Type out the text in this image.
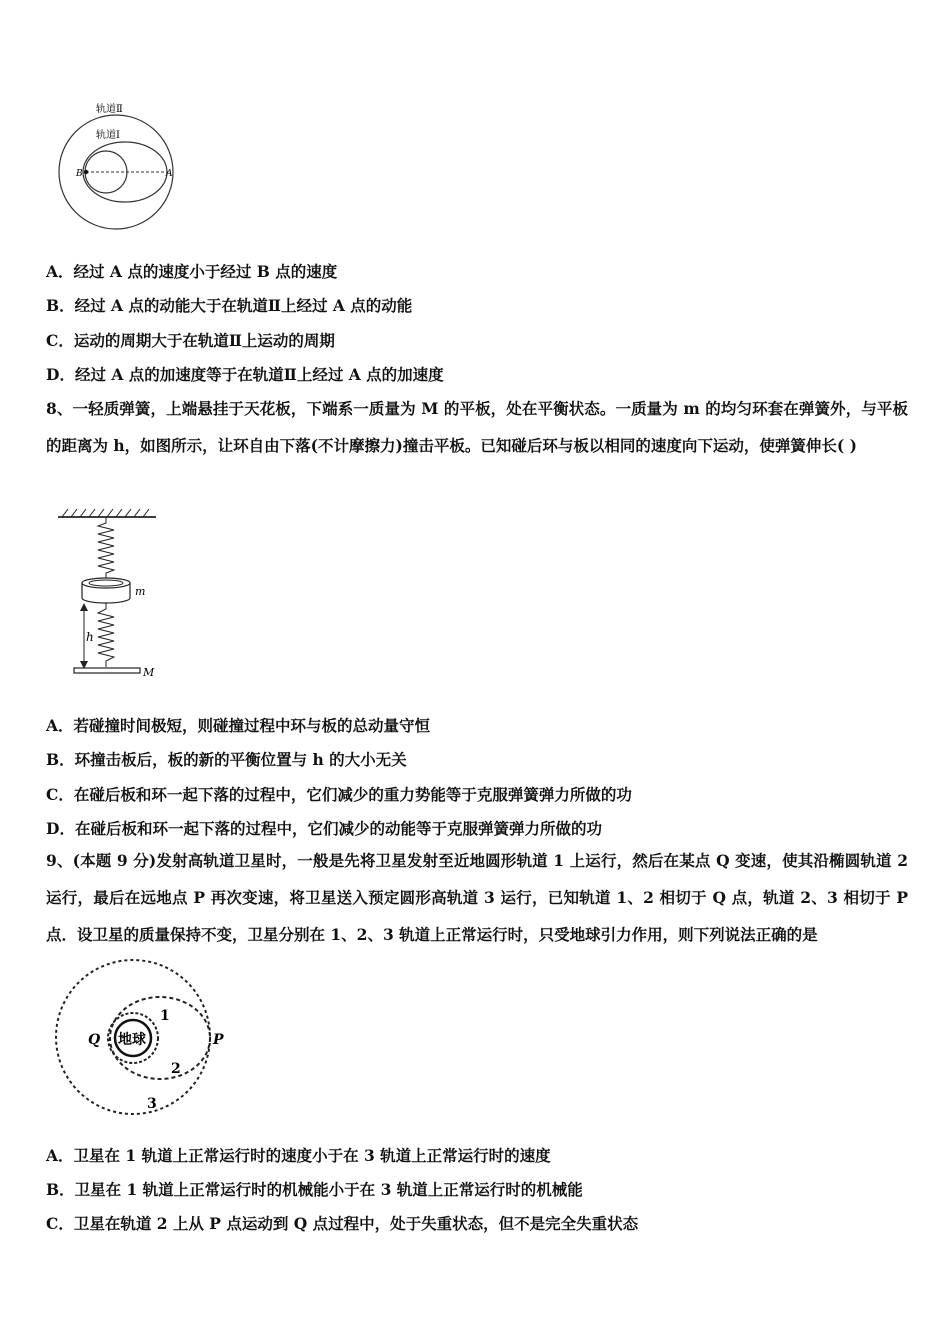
轨道Ⅱ
轨道Ⅰ
B	A
A．经过 A 点的速度小于经过 B 点的速度
B．经过 A 点的动能大于在轨道Ⅱ上经过 A 点的动能
C．运动的周期大于在轨道Ⅱ上运动的周期
D．经过 A 点的加速度等于在轨道Ⅱ上经过 A 点的加速度
8、一轻质弹簧，上端悬挂于天花板，下端系一质量为 M 的平板，处在平衡状态。一质量为 m 的均匀环套在弹簧外，与平板的距离为 h，如图所示，让环自由下落(不计摩擦力)撞击平板。已知碰后环与板以相同的速度向下运动，使弹簧伸长( )
m
h
M
A．若碰撞时间极短，则碰撞过程中环与板的总动量守恒
B．环撞击板后，板的新的平衡位置与 h 的大小无关
C．在碰后板和环一起下落的过程中，它们减少的重力势能等于克服弹簧弹力所做的功
D．在碰后板和环一起下落的过程中，它们减少的动能等于克服弹簧弹力所做的功
9、(本题 9 分)发射高轨道卫星时，一般是先将卫星发射至近地圆形轨道 1 上运行，然后在某点 Q 变速，使其沿椭圆轨道 2 运行，最后在远地点 P 再次变速，将卫星送入预定圆形高轨道 3 运行，已知轨道 1、2 相切于 Q 点，轨道 2、3 相切于 P 点．设卫星的质量保持不变，卫星分别在 1、2、3 轨道上正常运行时，只受地球引力作用，则下列说法正确的是
地球
Q	P
1
2
3
A．卫星在 1 轨道上正常运行时的速度小于在 3 轨道上正常运行时的速度
B．卫星在 1 轨道上正常运行时的机械能小于在 3 轨道上正常运行时的机械能
C．卫星在轨道 2 上从 P 点运动到 Q 点过程中，处于失重状态，但不是完全失重状态
